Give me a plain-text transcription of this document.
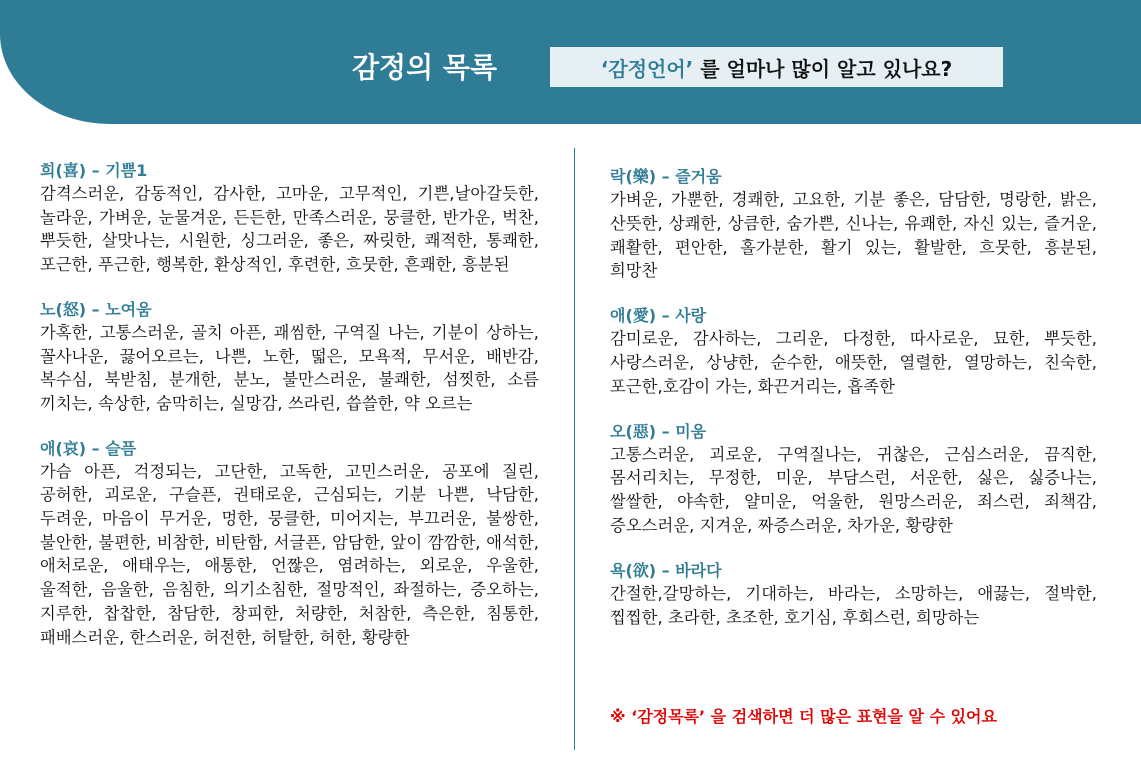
감정의 목록	‘감정언어’ 를 얼마나 많이 알고 있나요?
희(喜) – 기쁨1
감격스러운, 감동적인, 감사한, 고마운, 고무적인, 기쁜,날아갈듯한, 놀라운, 가벼운, 눈물겨운, 든든한, 만족스러운, 뭉클한, 반가운, 벅찬, 뿌듯한, 살맛나는, 시원한, 싱그러운, 좋은, 짜릿한, 쾌적한, 통쾌한, 포근한, 푸근한, 행복한, 환상적인, 후련한, 흐뭇한, 흔쾌한, 흥분된
노(怒) – 노여움
가혹한, 고통스러운, 골치 아픈, 괘씸한, 구역질 나는, 기분이 상하는, 꼴사나운, 끓어오르는, 나쁜, 노한, 떫은, 모욕적, 무서운, 배반감, 복수심, 북받침, 분개한, 분노, 불만스러운, 불쾌한, 섬찟한, 소름 끼치는, 속상한, 숨막히는, 실망감, 쓰라린, 씁쓸한, 약 오르는
애(哀) – 슬픔
가슴 아픈, 걱정되는, 고단한, 고독한, 고민스러운, 공포에 질린, 공허한, 괴로운, 구슬픈, 권태로운, 근심되는, 기분 나쁜, 낙담한, 두려운, 마음이 무거운, 멍한, 뭉클한, 미어지는, 부끄러운, 불쌍한, 불안한, 불편한, 비참한, 비탄함, 서글픈, 암담한, 앞이 깜깜한, 애석한,애처로운, 애태우는, 애통한, 언짢은, 염려하는, 외로운, 우울한, 울적한, 음울한, 음침한, 의기소침한, 절망적인, 좌절하는, 증오하는,지루한, 찹찹한, 참담한, 창피한, 처량한, 처참한, 측은한, 침통한, 패배스러운, 한스러운, 허전한, 허탈한, 허한, 황량한
락(樂) – 즐거움
가벼운, 가뿐한, 경쾌한, 고요한, 기분 좋은, 담담한, 명랑한, 밝은,산뜻한, 상쾌한, 상큼한, 숨가쁜, 신나는, 유쾌한, 자신 있는, 즐거운,쾌활한, 편안한, 홀가분한, 활기 있는, 활발한, 흐뭇한, 흥분된, 희망찬
애(愛) – 사랑
감미로운, 감사하는, 그리운, 다정한, 따사로운, 묘한, 뿌듯한, 사랑스러운, 상냥한, 순수한, 애뜻한, 열렬한, 열망하는, 친숙한, 포근한,호감이 가는, 화끈거리는, 흡족한
오(惡) – 미움
고통스러운, 괴로운, 구역질나는, 귀찮은, 근심스러운, 끔직한, 몸서리치는, 무정한, 미운, 부담스런, 서운한, 싫은, 싫증나는, 쌀쌀한, 야속한, 얄미운, 억울한, 원망스러운, 죄스런, 죄책감, 증오스러운, 지겨운, 짜증스러운, 차가운, 황량한
욕(欲) – 바라다
간절한,갈망하는, 기대하는, 바라는, 소망하는, 애끓는, 절박한, 찝찝한, 초라한, 초조한, 호기심, 후회스런, 희망하는
※ ‘감정목록’ 을 검색하면 더 많은 표현을 알 수 있어요
